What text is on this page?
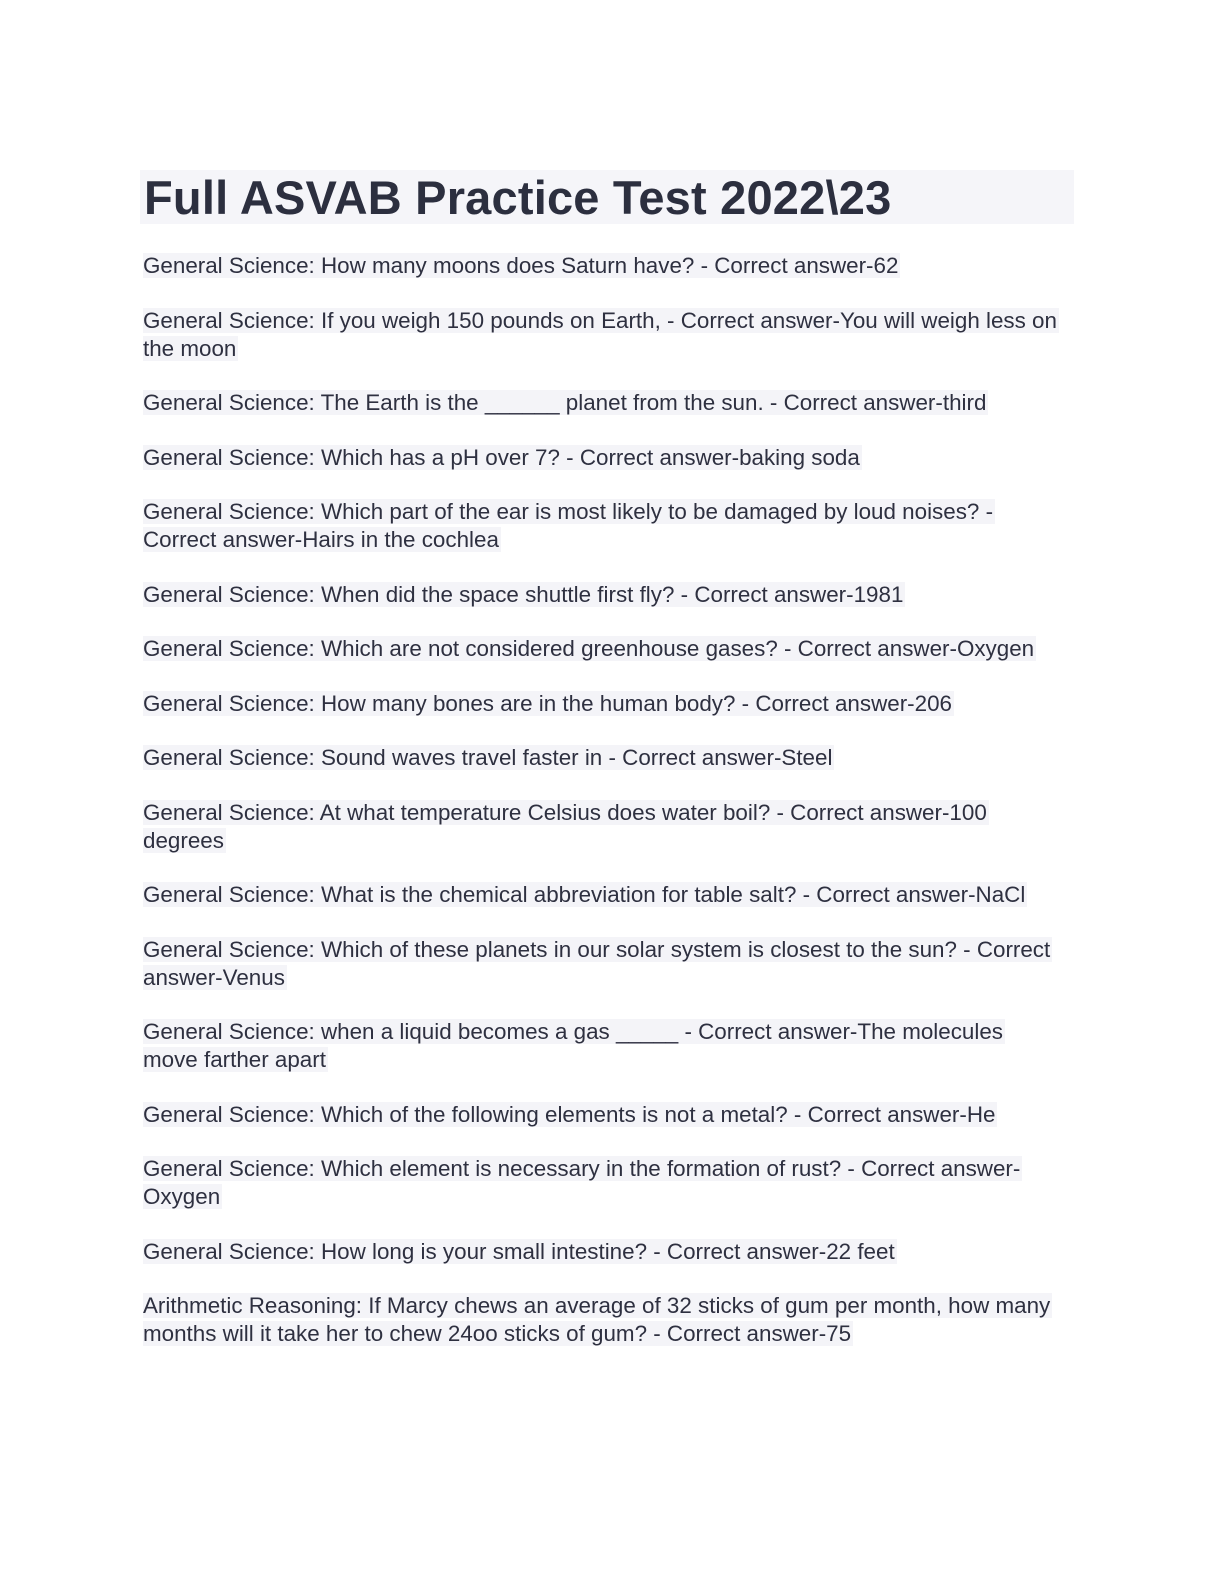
Full ASVAB Practice Test 2022\23
General Science: How many moons does Saturn have? - Correct answer-62
General Science: If you weigh 150 pounds on Earth, - Correct answer-You will weigh less on the moon
General Science: The Earth is the ______ planet from the sun. - Correct answer-third
General Science: Which has a pH over 7? - Correct answer-baking soda
General Science: Which part of the ear is most likely to be damaged by loud noises? - Correct answer-Hairs in the cochlea
General Science: When did the space shuttle first fly? - Correct answer-1981
General Science: Which are not considered greenhouse gases? - Correct answer-Oxygen
General Science: How many bones are in the human body? - Correct answer-206
General Science: Sound waves travel faster in - Correct answer-Steel
General Science: At what temperature Celsius does water boil? - Correct answer-100 degrees
General Science: What is the chemical abbreviation for table salt? - Correct answer-NaCl
General Science: Which of these planets in our solar system is closest to the sun? - Correct answer-Venus
General Science: when a liquid becomes a gas _____ - Correct answer-The molecules move farther apart
General Science: Which of the following elements is not a metal? - Correct answer-He
General Science: Which element is necessary in the formation of rust? - Correct answer-Oxygen
General Science: How long is your small intestine? - Correct answer-22 feet
Arithmetic Reasoning: If Marcy chews an average of 32 sticks of gum per month, how many months will it take her to chew 24oo sticks of gum? - Correct answer-75
